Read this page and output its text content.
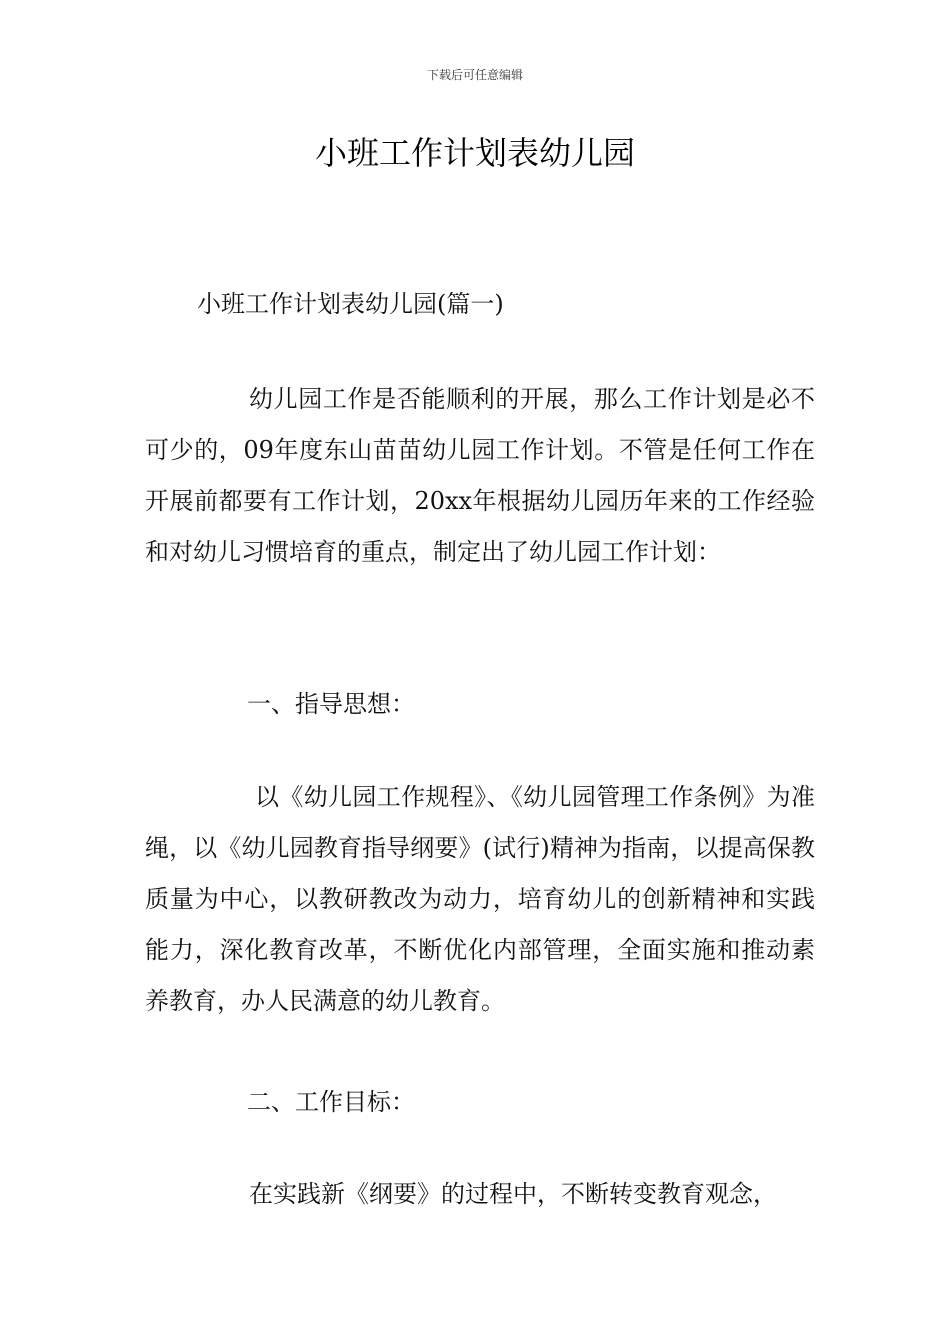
下载后可任意编辑
小班工作计划表幼儿园
小班工作计划表幼儿园(篇一)

幼儿园工作是否能顺利的开展，那么工作计划是必不可少的，09年度东山苗苗幼儿园工作计划。不管是任何工作在开展前都要有工作计划，20xx年根据幼儿园历年来的工作经验和对幼儿习惯培育的重点，制定出了幼儿园工作计划：

一、指导思想：

以《幼儿园工作规程》、《幼儿园管理工作条例》为准绳，以《幼儿园教育指导纲要》(试行)精神为指南，以提高保教质量为中心，以教研教改为动力，培育幼儿的创新精神和实践能力，深化教育改革，不断优化内部管理，全面实施和推动素养教育，办人民满意的幼儿教育。

二、工作目标：

在实践新《纲要》的过程中，不断转变教育观念，
